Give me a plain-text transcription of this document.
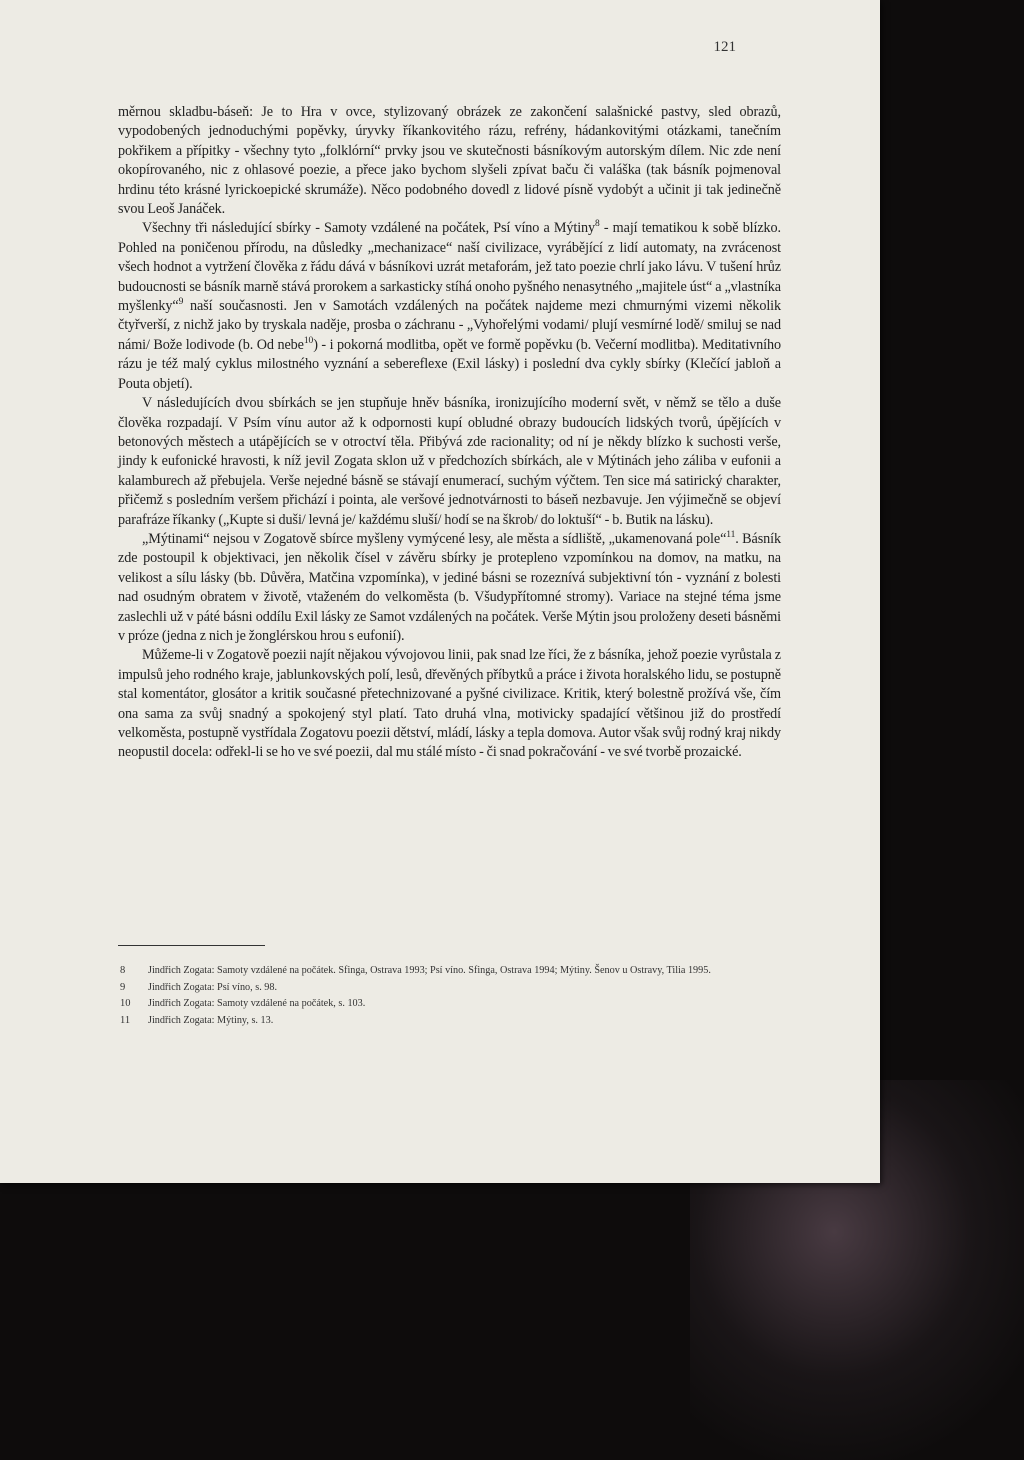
121

měrnou skladbu-báseň: Je to Hra v ovce, stylizovaný obrázek ze zakončení salašnické pastvy, sled obrazů, vypodobených jednoduchými popěvky, úryvky říkankovitého rázu, refrény, hádankovitými otázkami, tanečním pokřikem a přípitky - všechny tyto „folklórní“ prvky jsou ve skutečnosti básníkovým autorským dílem. Nic zde není okopírovaného, nic z ohlasové poezie, a přece jako bychom slyšeli zpívat baču či valáška (tak básník pojmenoval hrdinu této krásné lyrickoepické skrumáže). Něco podobného dovedl z lidové písně vydobýt a učinit ji tak jedinečně svou Leoš Janáček.

Všechny tři následující sbírky - Samoty vzdálené na počátek, Psí víno a Mýtiny$^8$ - mají tematikou k sobě blízko. Pohled na poničenou přírodu, na důsledky „mechanizace“ naší civilizace, vyrábějící z lidí automaty, na zvrácenost všech hodnot a vytržení člověka z řádu dává v básníkovi uzrát metaforám, jež tato poezie chrlí jako lávu. V tušení hrůz budoucnosti se básník marně stává prorokem a sarkasticky stíhá onoho pyšného nenasytného „majitele úst“ a „vlastníka myšlenky“$^9$ naší současnosti. Jen v Samotách vzdálených na počátek najdeme mezi chmurnými vizemi několik čtyřverší, z nichž jako by tryskala naděje, prosba o záchranu - „Vyhořelými vodami/ plují vesmírné lodě/ smiluj se nad námi/ Bože lodivode (b. Od nebe$^{10}$) - i pokorná modlitba, opět ve formě popěvku (b. Večerní modlitba). Meditativního rázu je též malý cyklus milostného vyznání a sebereflexe (Exil lásky) i poslední dva cykly sbírky (Klečící jabloň a Pouta objetí).

V následujících dvou sbírkách se jen stupňuje hněv básníka, ironizujícího moderní svět, v němž se tělo a duše člověka rozpadají. V Psím vínu autor až k odpornosti kupí obludné obrazy budoucích lidských tvorů, úpějících v betonových městech a utápějících se v otroctví těla. Přibývá zde racionality; od ní je někdy blízko k suchosti verše, jindy k eufonické hravosti, k níž jevil Zogata sklon už v předchozích sbírkách, ale v Mýtinách jeho záliba v eufonii a kalamburech až přebujela. Verše nejedné básně se stávají enumerací, suchým výčtem. Ten sice má satirický charakter, přičemž s posledním veršem přichází i pointa, ale veršové jednotvárnosti to báseň nezbavuje. Jen výjimečně se objeví parafráze říkanky („Kupte si duši/ levná je/ každému sluší/ hodí se na škrob/ do loktuší“ - b. Butik na lásku).

„Mýtinami“ nejsou v Zogatově sbírce myšleny vymýcené lesy, ale města a sídliště, „ukamenovaná pole“$^{11}$. Básník zde postoupil k objektivaci, jen několik čísel v závěru sbírky je protepleno vzpomínkou na domov, na matku, na velikost a sílu lásky (bb. Důvěra, Matčina vzpomínka), v jediné básni se rozeznívá subjektivní tón - vyznání z bolesti nad osudným obratem v životě, vtaženém do velkoměsta (b. Všudypřítomné stromy). Variace na stejné téma jsme zaslechli už v páté básni oddílu Exil lásky ze Samot vzdálených na počátek. Verše Mýtin jsou proloženy deseti básněmi v próze (jedna z nich je žonglérskou hrou s eufonií).

Můžeme-li v Zogatově poezii najít nějakou vývojovou linii, pak snad lze říci, že z básníka, jehož poezie vyrůstala z impulsů jeho rodného kraje, jablunkovských polí, lesů, dřevěných příbytků a práce i života horalského lidu, se postupně stal komentátor, glosátor a kritik současné přetechnizované a pyšné civilizace. Kritik, který bolestně prožívá vše, čím ona sama za svůj snadný a spokojený styl platí. Tato druhá vlna, motivicky spadající většinou již do prostředí velkoměsta, postupně vystřídala Zogatovu poezii dětství, mládí, lásky a tepla domova. Autor však svůj rodný kraj nikdy neopustil docela: odřekl-li se ho ve své poezii, dal mu stálé místo - či snad pokračování - ve své tvorbě prozaické.

8	Jindřich Zogata: Samoty vzdálené na počátek. Sfinga, Ostrava 1993; Psí víno. Sfinga, Ostrava 1994; Mýtiny. Šenov u Ostravy, Tilia 1995.
9	Jindřich Zogata: Psí víno, s. 98.
10	Jindřich Zogata: Samoty vzdálené na počátek, s. 103.
11	Jindřich Zogata: Mýtiny, s. 13.
